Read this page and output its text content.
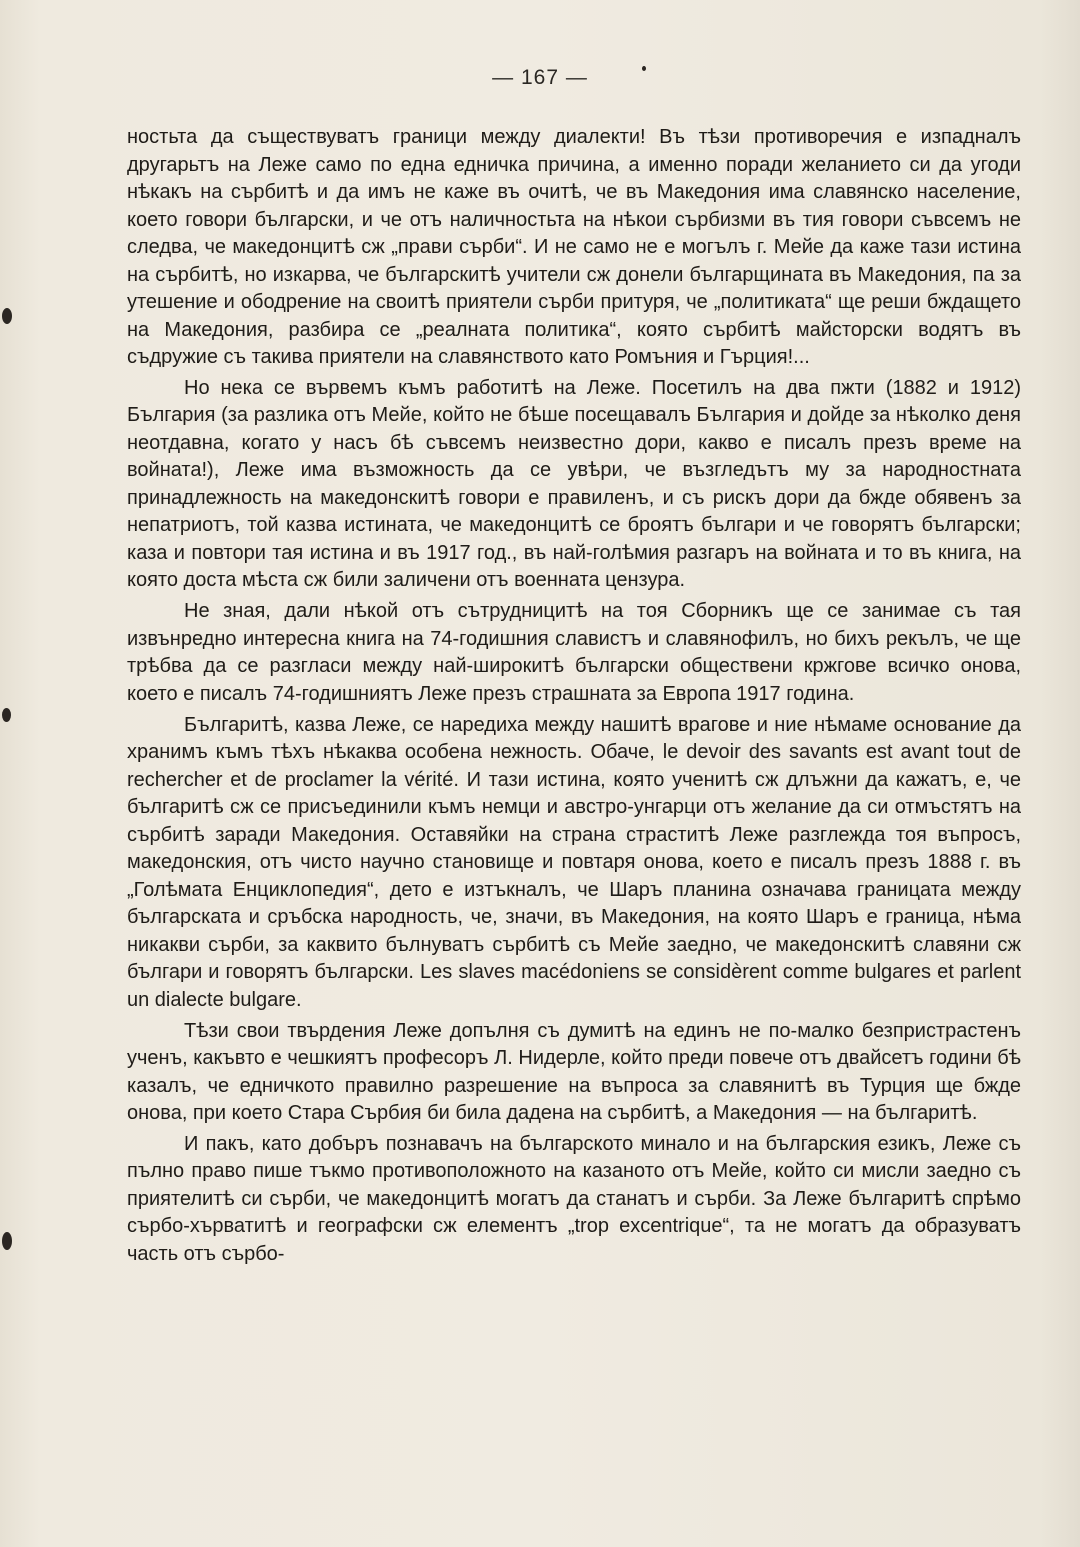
— 167 —

ностьта да съществуватъ граници между диалекти! Въ тѣзи противоречия е изпадналъ другарьтъ на Леже само по една едничка причина, а именно поради желанието си да угоди нѣкакъ на сърбитѣ и да имъ не каже въ очитѣ, че въ Македония има славянско население, което говори български, и че отъ наличностьта на нѣкои сърбизми въ тия говори съвсемъ не следва, че македонцитѣ сж „прави сърби“. И не само не е могълъ г. Мейе да каже тази истина на сърбитѣ, но изкарва, че българскитѣ учители сж донели българщината въ Македония, па за утешение и ободрение на своитѣ приятели сърби притуря, че „политиката“ ще реши бждащето на Македония, разбира се „реалната политика“, която сърбитѣ майсторски водятъ въ съдружие съ такива приятели на славянството като Ромъния и Гърция!...

Но нека се вървемъ къмъ работитѣ на Леже. Посетилъ на два пжти (1882 и 1912) България (за разлика отъ Мейе, който не бѣше посещавалъ България и дойде за нѣколко деня неотдавна, когато у насъ бѣ съвсемъ неизвестно дори, какво е писалъ презъ време на войната!), Леже има възможность да се увѣри, че възгледътъ му за народностната принадлежность на македонскитѣ говори е правиленъ, и съ рискъ дори да бжде обявенъ за непатриотъ, той казва истината, че македонцитѣ се броятъ българи и че говорятъ български; каза и повтори тая истина и въ 1917 год., въ най-голѣмия разгаръ на войната и то въ книга, на която доста мѣста сж били заличени отъ военната цензура.

Не зная, дали нѣкой отъ сътрудницитѣ на тоя Сборникъ ще се занимае съ тая извънредно интересна книга на 74-годишния славистъ и славянофилъ, но бихъ рекълъ, че ще трѣбва да се разгласи между най-широкитѣ български обществени кржгове всичко онова, което е писалъ 74-годишниятъ Леже презъ страшната за Европа 1917 година.

Българитѣ, казва Леже, се наредиха между нашитѣ врагове и ние нѣмаме основание да хранимъ къмъ тѣхъ нѣкаква особена нежность. Обаче, le devoir des savants est avant tout de rechercher et de proclamer la vérité. И тази истина, която ученитѣ сж длъжни да кажатъ, е, че българитѣ сж се присъединили къмъ немци и австро-унгарци отъ желание да си отмъстятъ на сърбитѣ заради Македония. Оставяйки на страна страститѣ Леже разглежда тоя въпросъ, македонския, отъ чисто научно становище и повтаря онова, което е писалъ презъ 1888 г. въ „Голѣмата Енциклопедия“, дето е изтъкналъ, че Шаръ планина означава границата между българската и сръбска народность, че, значи, въ Македония, на която Шаръ е граница, нѣма никакви сърби, за каквито бълнуватъ сърбитѣ съ Мейе заедно, че македонскитѣ славяни сж българи и говорятъ български. Les slaves macédoniens se considèrent comme bulgares et parlent un dialecte bulgare.

Тѣзи свои твърдения Леже допълня съ думитѣ на единъ не по-малко безпристрастенъ ученъ, какъвто е чешкиятъ професоръ Л. Нидерле, който преди повече отъ двайсетъ години бѣ казалъ, че едничкото правилно разрешение на въпроса за славянитѣ въ Турция ще бжде онова, при което Стара Сърбия би била дадена на сърбитѣ, а Македония — на българитѣ.

И пакъ, като добъръ познавачъ на българското минало и на българския езикъ, Леже съ пълно право пише тъкмо противоположното на казаното отъ Мейе, който си мисли заедно съ приятелитѣ си сърби, че македонцитѣ могатъ да станатъ и сърби. За Леже българитѣ спрѣмо сърбо-хърватитѣ и географски сж елементъ „trop excentrique“, та не могатъ да образуватъ часть отъ сърбо-
